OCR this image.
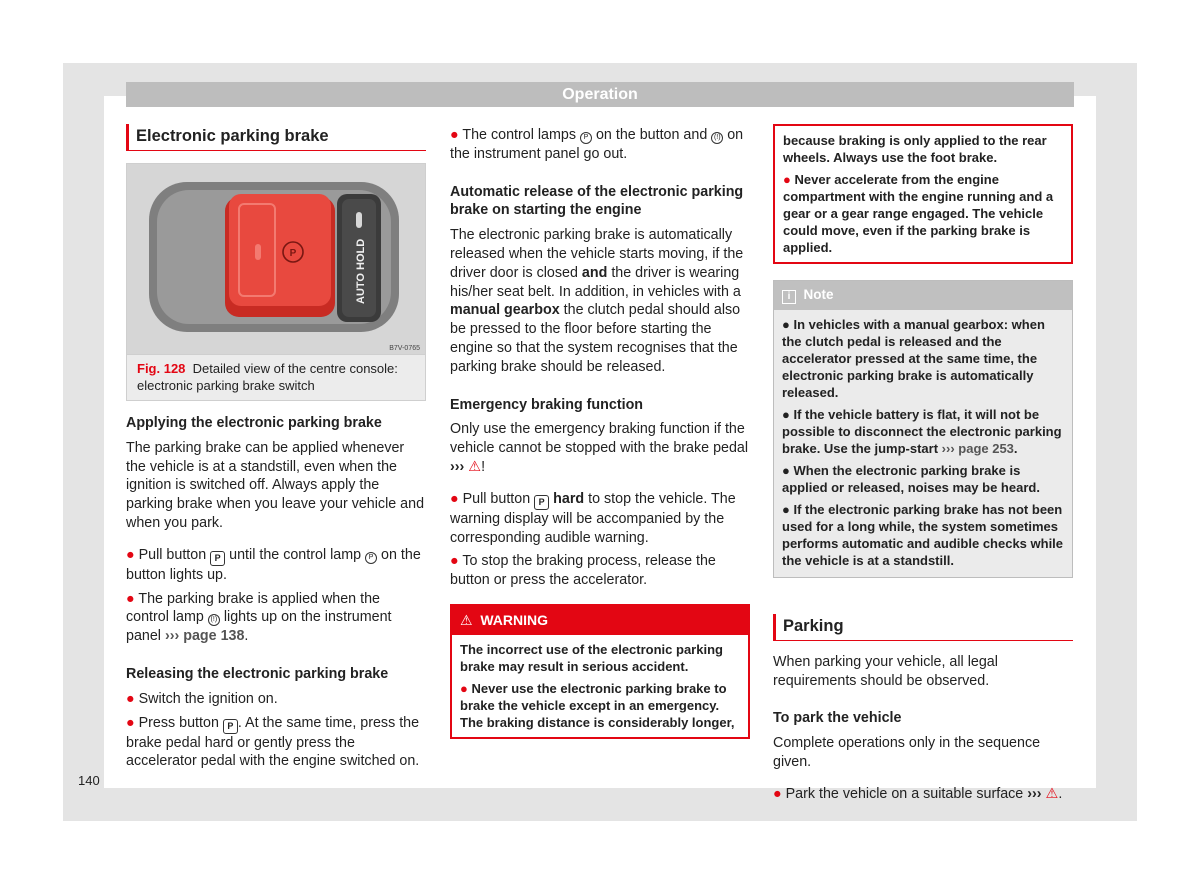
Operation
Electronic parking brake
P	AUTO HOLD
B7V-0765
Fig. 128 Detailed view of the centre console: electronic parking brake switch

Applying the electronic parking brake

The parking brake can be applied whenever the vehicle is at a standstill, even when the ignition is switched off. Always apply the parking brake when you leave your vehicle and when you park.

● Pull button P until the control lamp P on the button lights up.

● The parking brake is applied when the control lamp (!) lights up on the instrument panel ››› page 138.

Releasing the electronic parking brake

● Switch the ignition on.

● Press button P . At the same time, press the brake pedal hard or gently press the accelerator pedal with the engine switched on.

● The control lamps P on the button and (!) on the instrument panel go out.

Automatic release of the electronic parking brake on starting the engine

The electronic parking brake is automatically released when the vehicle starts moving, if the driver door is closed and the driver is wearing his/her seat belt. In addition, in vehicles with a manual gearbox the clutch pedal should also be pressed to the floor before starting the engine so that the system recognises that the parking brake should be released.

Emergency braking function

Only use the emergency braking function if the vehicle cannot be stopped with the brake pedal ››› ⚠!

● Pull button P hard to stop the vehicle. The warning display will be accompanied by the corresponding audible warning.

● To stop the braking process, release the button or press the accelerator.

⚠ WARNING

The incorrect use of the electronic parking brake may result in serious accident.

● Never use the electronic parking brake to brake the vehicle except in an emergency. The braking distance is considerably longer,

because braking is only applied to the rear wheels. Always use the foot brake.

● Never accelerate from the engine compartment with the engine running and a gear or a gear range engaged. The vehicle could move, even if the parking brake is applied.

i Note

● In vehicles with a manual gearbox: when the clutch pedal is released and the accelerator pressed at the same time, the electronic parking brake is automatically released.

● If the vehicle battery is flat, it will not be possible to disconnect the electronic parking brake. Use the jump-start ››› page 253.

● When the electronic parking brake is applied or released, noises may be heard.

● If the electronic parking brake has not been used for a long while, the system sometimes performs automatic and audible checks while the vehicle is at a standstill.

Parking

When parking your vehicle, all legal requirements should be observed.

To park the vehicle

Complete operations only in the sequence given.

● Park the vehicle on a suitable surface ››› ⚠.

140
